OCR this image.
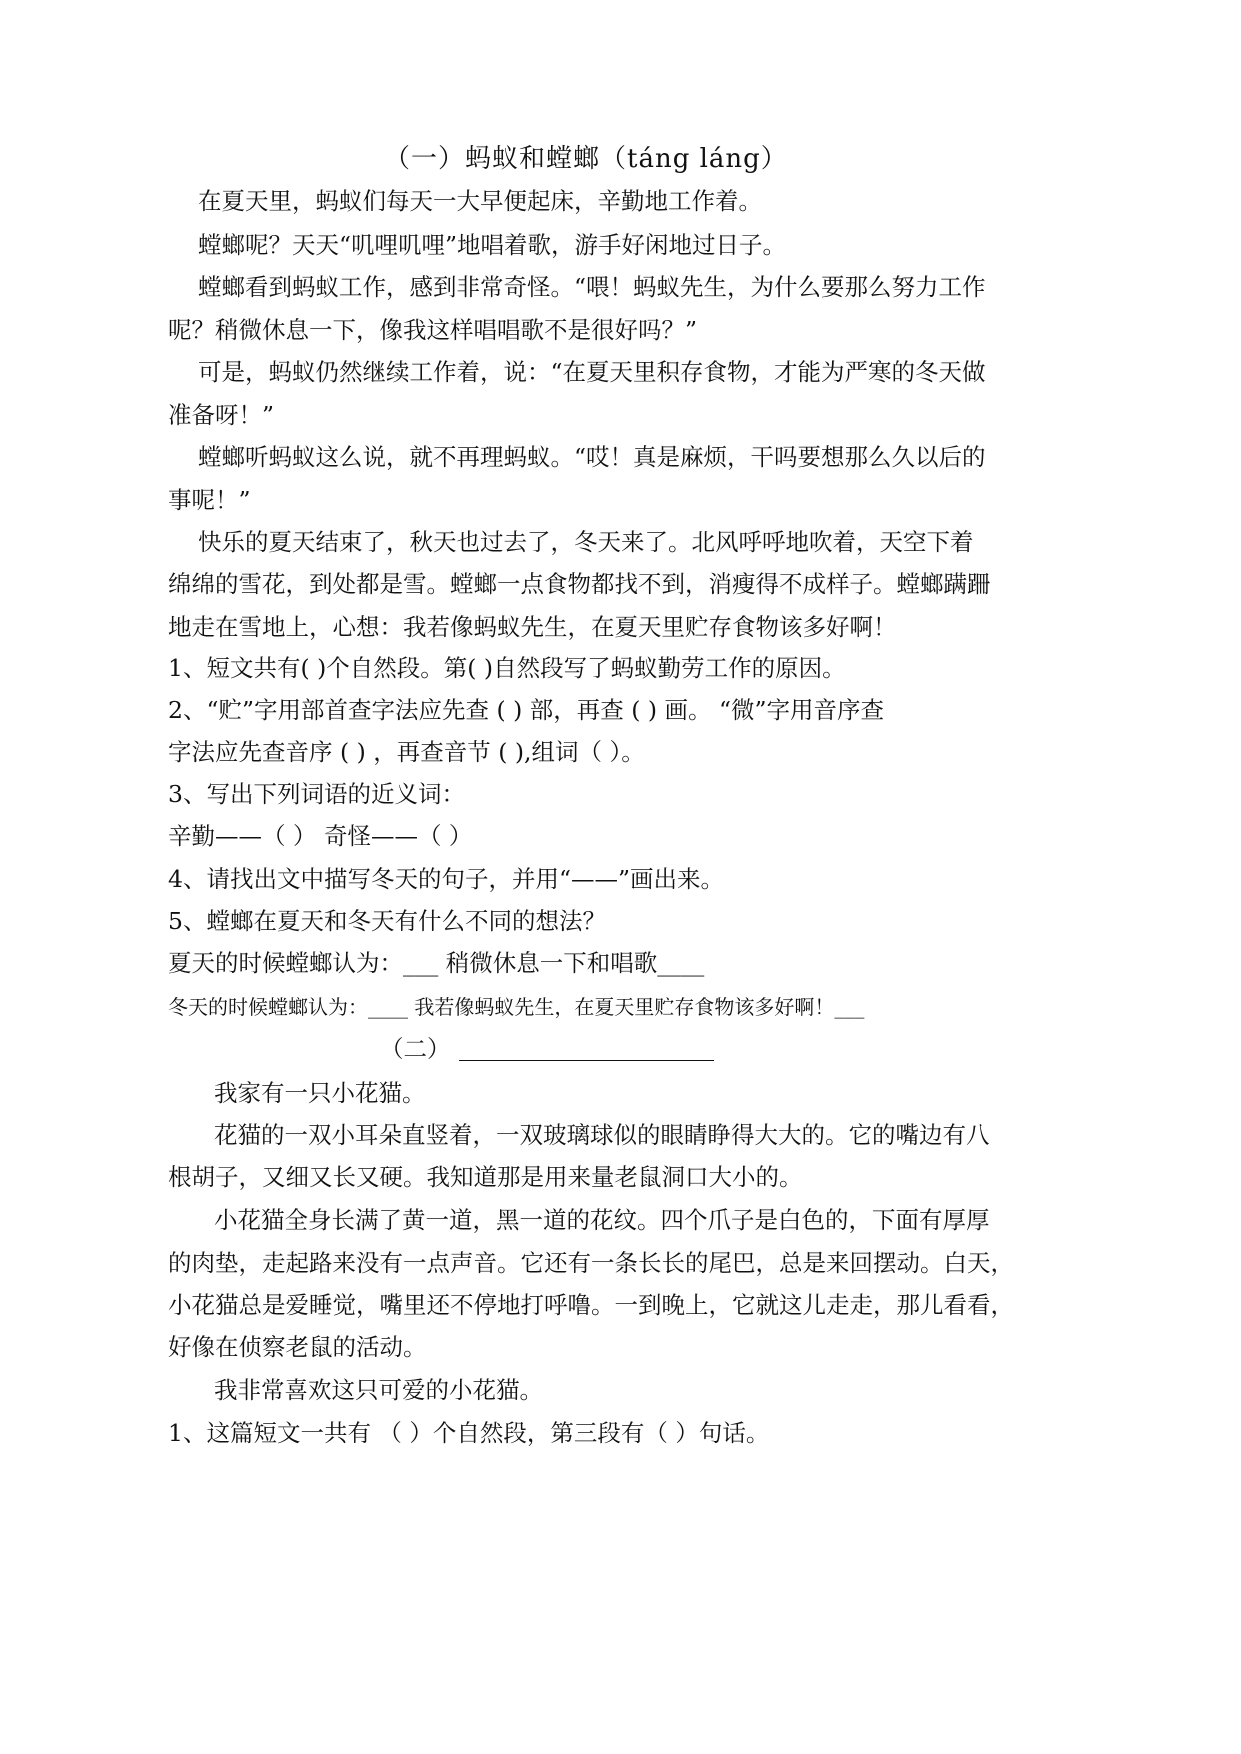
（一）蚂蚁和螳螂（táng láng）
在夏天里，蚂蚁们每天一大早便起床，辛勤地工作着。
螳螂呢？天天“叽哩叽哩”地唱着歌，游手好闲地过日子。
螳螂看到蚂蚁工作，感到非常奇怪。“喂！蚂蚁先生，为什么要那么努力工作
呢？稍微休息一下，像我这样唱唱歌不是很好吗？”
可是，蚂蚁仍然继续工作着，说：“在夏天里积存食物，才能为严寒的冬天做
准备呀！”
螳螂听蚂蚁这么说，就不再理蚂蚁。“哎！真是麻烦，干吗要想那么久以后的
事呢！”
快乐的夏天结束了，秋天也过去了，冬天来了。北风呼呼地吹着，天空下着
绵绵的雪花，到处都是雪。螳螂一点食物都找不到，消瘦得不成样子。螳螂蹒跚
地走在雪地上，心想：我若像蚂蚁先生，在夏天里贮存食物该多好啊！
1、短文共有( )个自然段。第( )自然段写了蚂蚁勤劳工作的原因。
2、“贮”字用部首查字法应先查 ( ) 部，再查 ( ) 画。 “微”字用音序查
字法应先查音序 ( ) ，再查音节 ( ),组词（ ）。
3、写出下列词语的近义词：
辛勤——（ ） 奇怪——（ ）
4、请找出文中描写冬天的句子，并用“——”画出来。
5、螳螂在夏天和冬天有什么不同的想法？
夏天的时候螳螂认为：___ 稍微休息一下和唱歌____
冬天的时候螳螂认为：____ 我若像蚂蚁先生，在夏天里贮存食物该多好啊！___
（二）
我家有一只小花猫。
花猫的一双小耳朵直竖着，一双玻璃球似的眼睛睁得大大的。它的嘴边有八
根胡子，又细又长又硬。我知道那是用来量老鼠洞口大小的。
小花猫全身长满了黄一道，黑一道的花纹。四个爪子是白色的，下面有厚厚
的肉垫，走起路来没有一点声音。它还有一条长长的尾巴，总是来回摆动。白天，
小花猫总是爱睡觉，嘴里还不停地打呼噜。一到晚上，它就这儿走走，那儿看看，
好像在侦察老鼠的活动。
我非常喜欢这只可爱的小花猫。
1、这篇短文一共有 （ ）个自然段，第三段有（ ）句话。
